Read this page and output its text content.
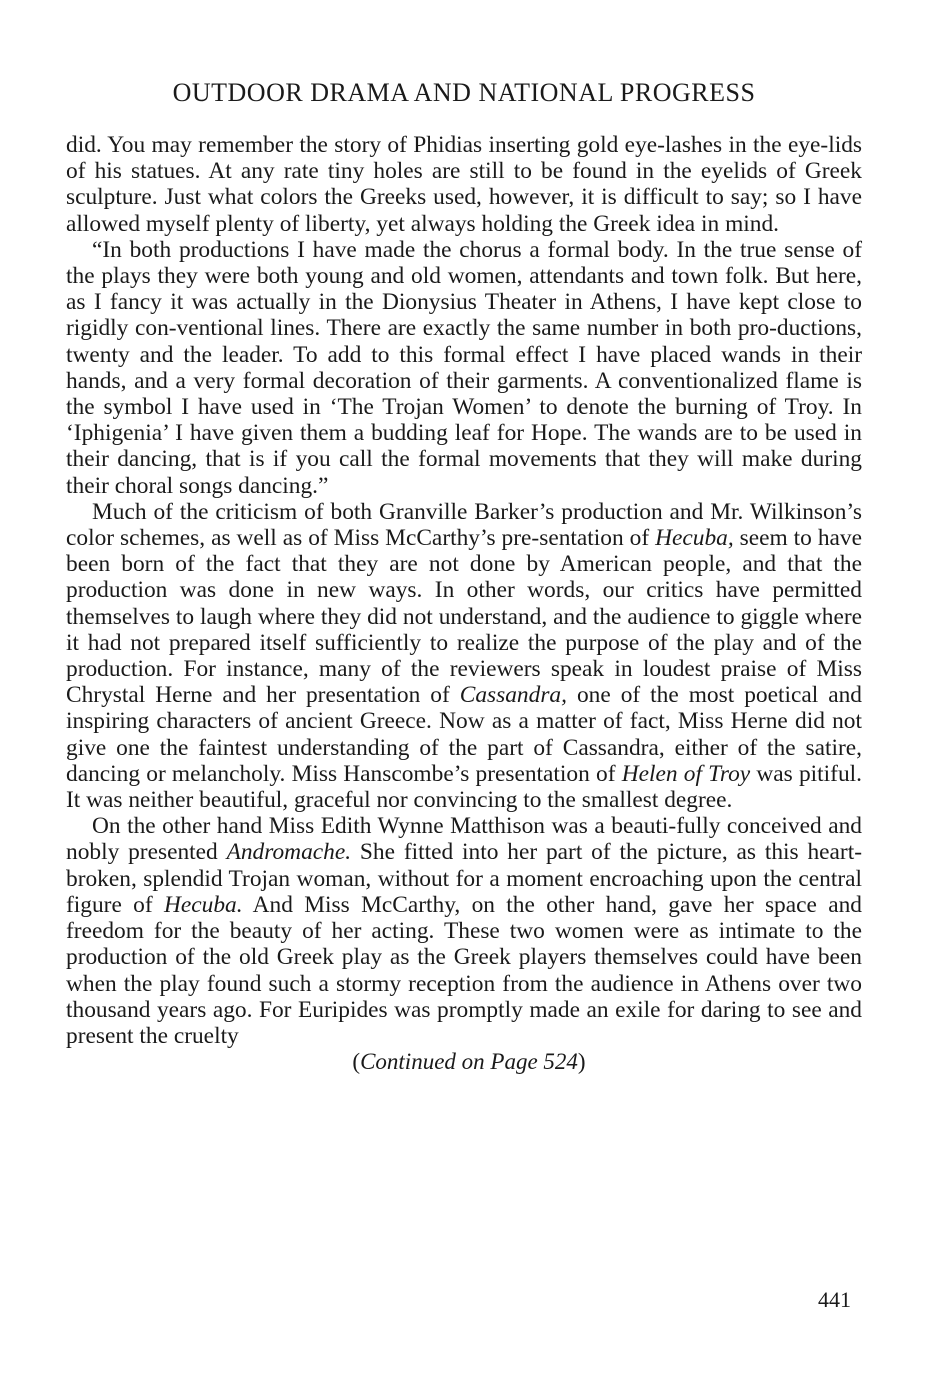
OUTDOOR DRAMA AND NATIONAL PROGRESS

did. You may remember the story of Phidias inserting gold eye-lashes in the eye-lids of his statues. At any rate tiny holes are still to be found in the eyelids of Greek sculpture. Just what colors the Greeks used, however, it is difficult to say; so I have allowed myself plenty of liberty, yet always holding the Greek idea in mind.

“In both productions I have made the chorus a formal body. In the true sense of the plays they were both young and old women, attendants and town folk. But here, as I fancy it was actually in the Dionysius Theater in Athens, I have kept close to rigidly con-ventional lines. There are exactly the same number in both pro-ductions, twenty and the leader. To add to this formal effect I have placed wands in their hands, and a very formal decoration of their garments. A conventionalized flame is the symbol I have used in ‘The Trojan Women’ to denote the burning of Troy. In ‘Iphigenia’ I have given them a budding leaf for Hope. The wands are to be used in their dancing, that is if you call the formal movements that they will make during their choral songs dancing.”

Much of the criticism of both Granville Barker’s production and Mr. Wilkinson’s color schemes, as well as of Miss McCarthy’s pre-sentation of Hecuba, seem to have been born of the fact that they are not done by American people, and that the production was done in new ways. In other words, our critics have permitted themselves to laugh where they did not understand, and the audience to giggle where it had not prepared itself sufficiently to realize the purpose of the play and of the production. For instance, many of the reviewers speak in loudest praise of Miss Chrystal Herne and her presentation of Cassandra, one of the most poetical and inspiring characters of ancient Greece. Now as a matter of fact, Miss Herne did not give one the faintest understanding of the part of Cassandra, either of the satire, dancing or melancholy. Miss Hanscombe’s presentation of Helen of Troy was pitiful. It was neither beautiful, graceful nor convincing to the smallest degree.

On the other hand Miss Edith Wynne Matthison was a beauti-fully conceived and nobly presented Andromache. She fitted into her part of the picture, as this heart-broken, splendid Trojan woman, without for a moment encroaching upon the central figure of Hecuba. And Miss McCarthy, on the other hand, gave her space and freedom for the beauty of her acting. These two women were as intimate to the production of the old Greek play as the Greek players themselves could have been when the play found such a stormy reception from the audience in Athens over two thousand years ago. For Euripides was promptly made an exile for daring to see and present the cruelty

(Continued on Page 524)
441
